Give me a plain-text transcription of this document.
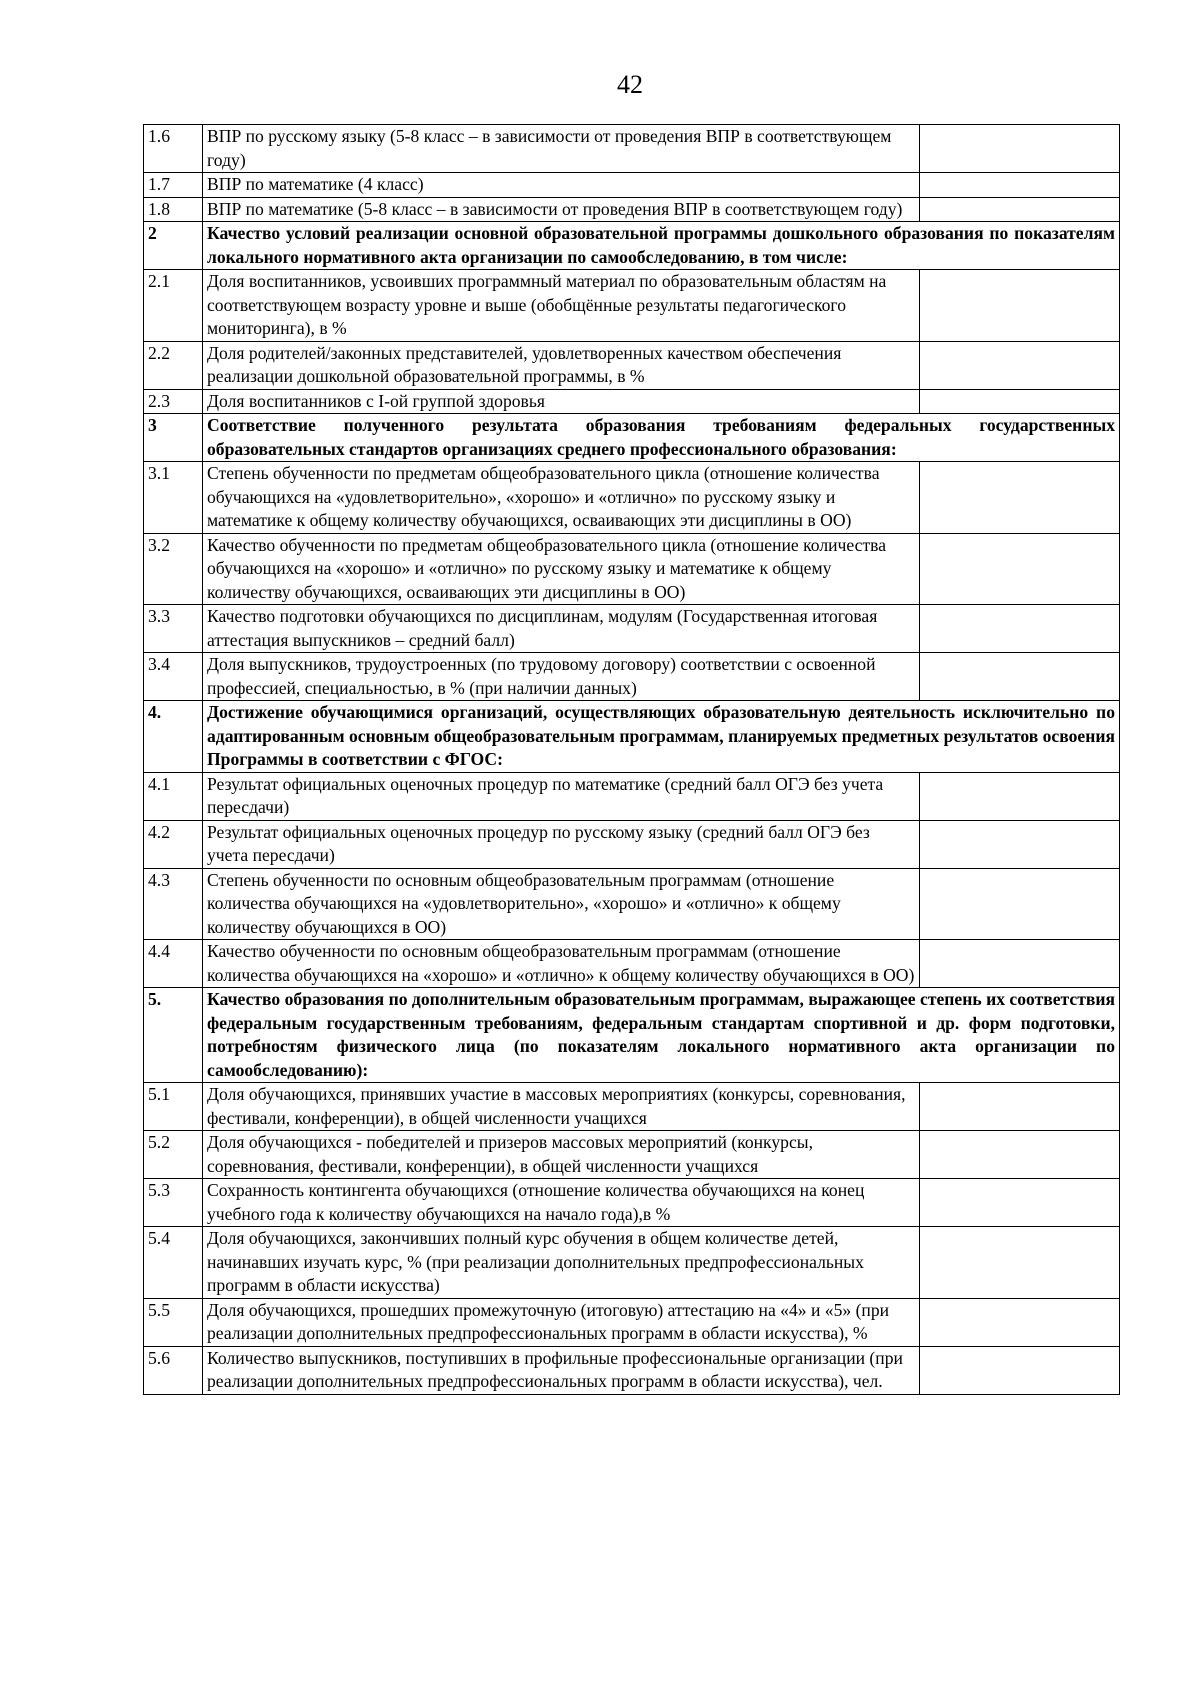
42
1.6	ВПР по русскому языку (5-8 класс – в зависимости от проведения ВПР в соответствующем году)	
1.7	ВПР по математике (4 класс)	
1.8	ВПР по математике (5-8 класс – в зависимости от проведения ВПР в соответствующем году)	
2	Качество условий реализации основной образовательной программы дошкольного образования по показателям локального нормативного акта организации по самообследованию, в том числе:	
2.1	Доля воспитанников, усвоивших программный материал по образовательным областям на соответствующем возрасту уровне и выше (обобщённые результаты педагогического мониторинга), в %	
2.2	Доля родителей/законных представителей, удовлетворенных качеством обеспечения реализации дошкольной образовательной программы, в %	
2.3	Доля воспитанников с I-ой группой здоровья	
3	Соответствие полученного результата образования требованиям федеральных государственных образовательных стандартов организациях среднего профессионального образования:	
3.1	Степень обученности по предметам общеобразовательного цикла (отношение количества обучающихся на «удовлетворительно», «хорошо» и «отлично» по русскому языку и математике к общему количеству обучающихся, осваивающих эти дисциплины в ОО)	
3.2	Качество обученности по предметам общеобразовательного цикла (отношение количества обучающихся на «хорошо» и «отлично» по русскому языку и математике к общему количеству обучающихся, осваивающих эти дисциплины в ОО)	
3.3	Качество подготовки обучающихся по дисциплинам, модулям (Государственная итоговая аттестация выпускников – средний балл)	
3.4	Доля выпускников, трудоустроенных (по трудовому договору) соответствии с освоенной профессией, специальностью, в % (при наличии данных)	
4.	Достижение обучающимися организаций, осуществляющих образовательную деятельность исключительно по адаптированным основным общеобразовательным программам, планируемых предметных результатов освоения Программы в соответствии с ФГОС:	
4.1	Результат официальных оценочных процедур по математике (средний балл ОГЭ без учета пересдачи)	
4.2	Результат официальных оценочных процедур по русскому языку (средний балл ОГЭ без учета пересдачи)	
4.3	Степень обученности по основным общеобразовательным программам (отношение количества обучающихся на «удовлетворительно», «хорошо» и «отлично» к общему количеству обучающихся в ОО)	
4.4	Качество обученности по основным общеобразовательным программам (отношение количества обучающихся на «хорошо» и «отлично» к общему количеству обучающихся в ОО)	
5.	Качество образования по дополнительным образовательным программам, выражающее степень их соответствия федеральным государственным требованиям, федеральным стандартам спортивной и др. форм подготовки, потребностям физического лица (по показателям локального нормативного акта организации по самообследованию):	
5.1	Доля обучающихся, принявших участие в массовых мероприятиях (конкурсы, соревнования, фестивали, конференции), в общей численности учащихся	
5.2	Доля обучающихся - победителей и призеров массовых мероприятий (конкурсы, соревнования, фестивали, конференции), в общей численности учащихся	
5.3	Сохранность контингента обучающихся (отношение количества обучающихся на конец учебного года к количеству обучающихся на начало года),в %	
5.4	Доля обучающихся, закончивших полный курс обучения в общем количестве детей, начинавших изучать курс, % (при реализации дополнительных предпрофессиональных программ в области искусства)	
5.5	Доля обучающихся, прошедших промежуточную (итоговую) аттестацию на «4» и «5» (при реализации дополнительных предпрофессиональных программ в области искусства), %	
5.6	Количество выпускников, поступивших в профильные профессиональные организации (при реализации дополнительных предпрофессиональных программ в области искусства), чел.	
